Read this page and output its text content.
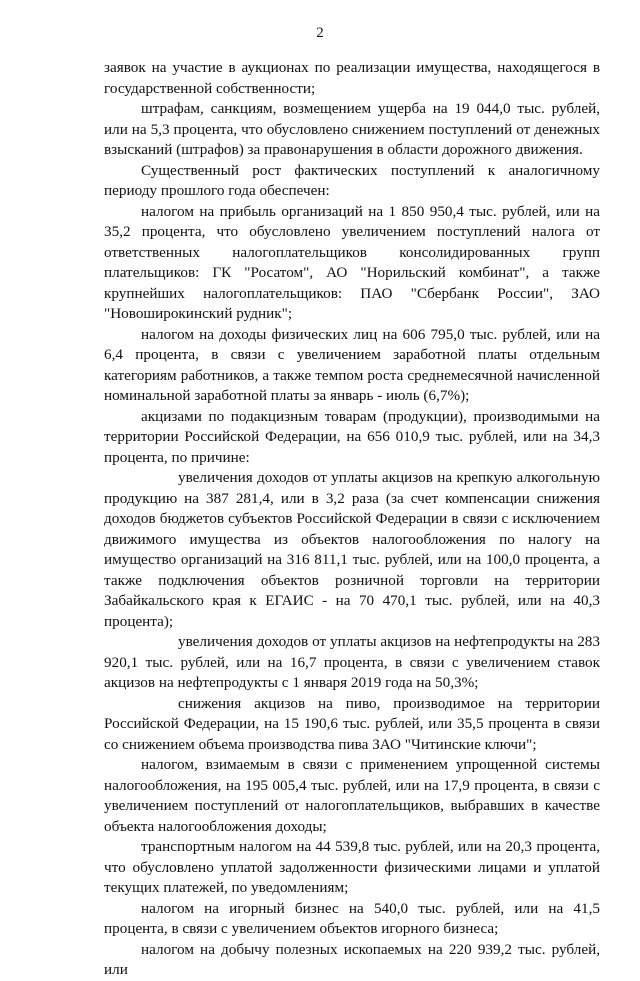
2

заявок на участие в аукционах по реализации имущества, находящегося в государственной собственности;

штрафам, санкциям, возмещением ущерба на 19 044,0 тыс. рублей, или на 5,3 процента, что обусловлено снижением поступлений от денежных взысканий (штрафов) за правонарушения в области дорожного движения.

Существенный рост фактических поступлений к аналогичному периоду прошлого года обеспечен:

налогом на прибыль организаций на 1 850 950,4 тыс. рублей, или на 35,2 процента, что обусловлено увеличением поступлений налога от ответственных налогоплательщиков консолидированных групп плательщиков: ГК "Росатом", АО "Норильский комбинат", а также крупнейших налогоплательщиков: ПАО "Сбербанк России", ЗАО "Новоширокинский рудник";

налогом на доходы физических лиц на 606 795,0 тыс. рублей, или на 6,4 процента, в связи с увеличением заработной платы отдельным категориям работников, а также темпом роста среднемесячной начисленной номинальной заработной платы за январь - июль (6,7%);

акцизами по подакцизным товарам (продукции), производимыми на территории Российской Федерации, на 656 010,9 тыс. рублей, или на 34,3 процента, по причине:

увеличения доходов от уплаты акцизов на крепкую алкогольную продукцию на 387 281,4, или в 3,2 раза (за счет компенсации снижения доходов бюджетов субъектов Российской Федерации в связи с исключением движимого имущества из объектов налогообложения по налогу на имущество организаций на 316 811,1 тыс. рублей, или на 100,0 процента, а также подключения объектов розничной торговли на территории Забайкальского края к ЕГАИС - на 70 470,1 тыс. рублей, или на 40,3 процента);

увеличения доходов от уплаты акцизов на нефтепродукты на 283 920,1 тыс. рублей, или на 16,7 процента, в связи с увеличением ставок акцизов на нефтепродукты с 1 января 2019 года на 50,3%;

снижения акцизов на пиво, производимое на территории Российской Федерации, на 15 190,6 тыс. рублей, или 35,5 процента в связи со снижением объема производства пива ЗАО "Читинские ключи";

налогом, взимаемым в связи с применением упрощенной системы налогообложения, на 195 005,4 тыс. рублей, или на 17,9 процента, в связи с увеличением поступлений от налогоплательщиков, выбравших в качестве объекта налогообложения доходы;

транспортным налогом на 44 539,8 тыс. рублей, или на 20,3 процента, что обусловлено уплатой задолженности физическими лицами и уплатой текущих платежей, по уведомлениям;

налогом на игорный бизнес на 540,0 тыс. рублей, или на 41,5 процента, в связи с увеличением объектов игорного бизнеса;

налогом на добычу полезных ископаемых на 220 939,2 тыс. рублей, или
